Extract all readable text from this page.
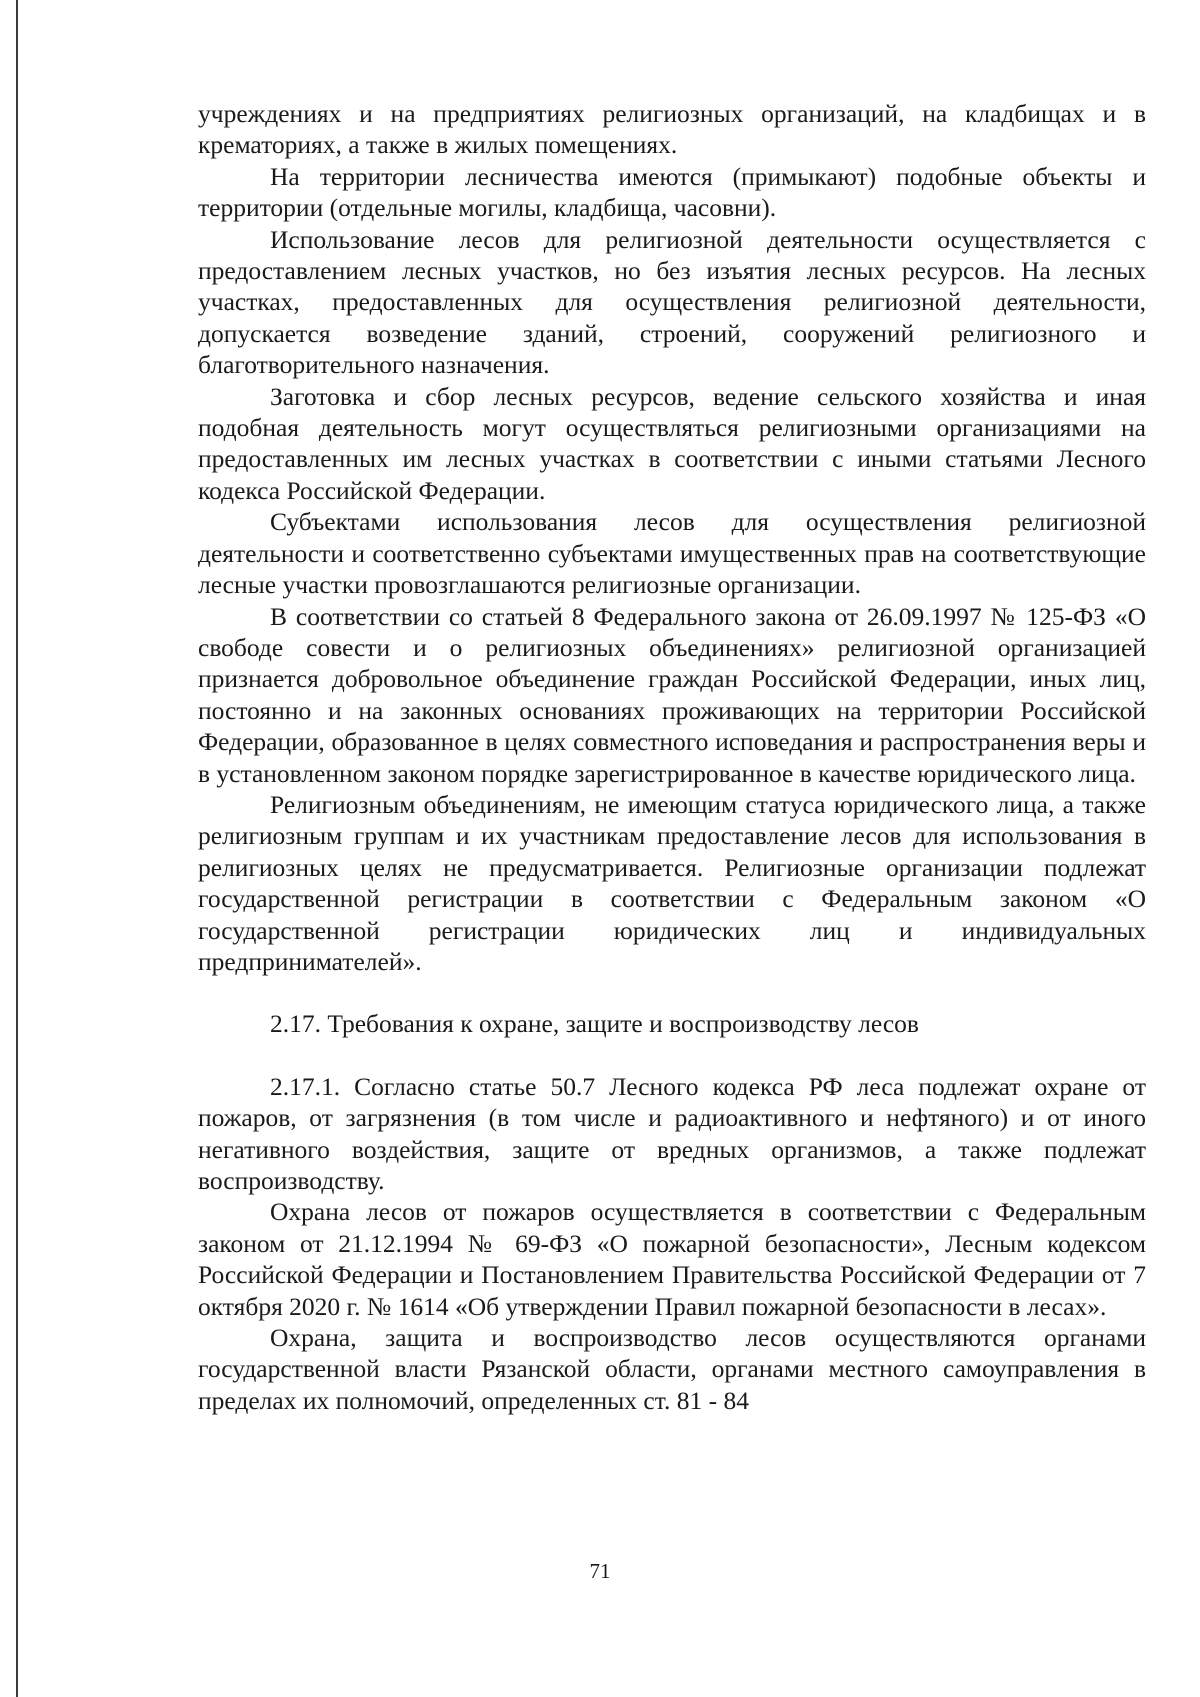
учреждениях и на предприятиях религиозных организаций, на кладбищах и в крематориях, а также в жилых помещениях.

На территории лесничества имеются (примыкают) подобные объекты и территории (отдельные могилы, кладбища, часовни).

Использование лесов для религиозной деятельности осуществляется с предоставлением лесных участков, но без изъятия лесных ресурсов. На лесных участках, предоставленных для осуществления религиозной деятельности, допускается возведение зданий, строений, сооружений религиозного и благотворительного назначения.

Заготовка и сбор лесных ресурсов, ведение сельского хозяйства и иная подобная деятельность могут осуществляться религиозными организациями на предоставленных им лесных участках в соответствии с иными статьями Лесного кодекса Российской Федерации.

Субъектами использования лесов для осуществления религиозной деятельности и соответственно субъектами имущественных прав на соответствующие лесные участки провозглашаются религиозные организации.

В соответствии со статьей 8 Федерального закона от 26.09.1997 № 125-ФЗ «О свободе совести и о религиозных объединениях» религиозной организацией признается добровольное объединение граждан Российской Федерации, иных лиц, постоянно и на законных основаниях проживающих на территории Российской Федерации, образованное в целях совместного исповедания и распространения веры и в установленном законом порядке зарегистрированное в качестве юридического лица.

Религиозным объединениям, не имеющим статуса юридического лица, а также религиозным группам и их участникам предоставление лесов для использования в религиозных целях не предусматривается. Религиозные организации подлежат государственной регистрации в соответствии с Федеральным законом «О государственной регистрации юридических лиц и индивидуальных предпринимателей».

2.17. Требования к охране, защите и воспроизводству лесов

2.17.1. Согласно статье 50.7 Лесного кодекса РФ леса подлежат охране от пожаров, от загрязнения (в том числе и радиоактивного и нефтяного) и от иного негативного воздействия, защите от вредных организмов, а также подлежат воспроизводству.

Охрана лесов от пожаров осуществляется в соответствии с Федеральным законом от 21.12.1994 № 69-ФЗ «О пожарной безопасности», Лесным кодексом Российской Федерации и Постановлением Правительства Российской Федерации от 7 октября 2020 г. № 1614 «Об утверждении Правил пожарной безопасности в лесах».

Охрана, защита и воспроизводство лесов осуществляются органами государственной власти Рязанской области, органами местного самоуправления в пределах их полномочий, определенных ст. 81 - 84

71
